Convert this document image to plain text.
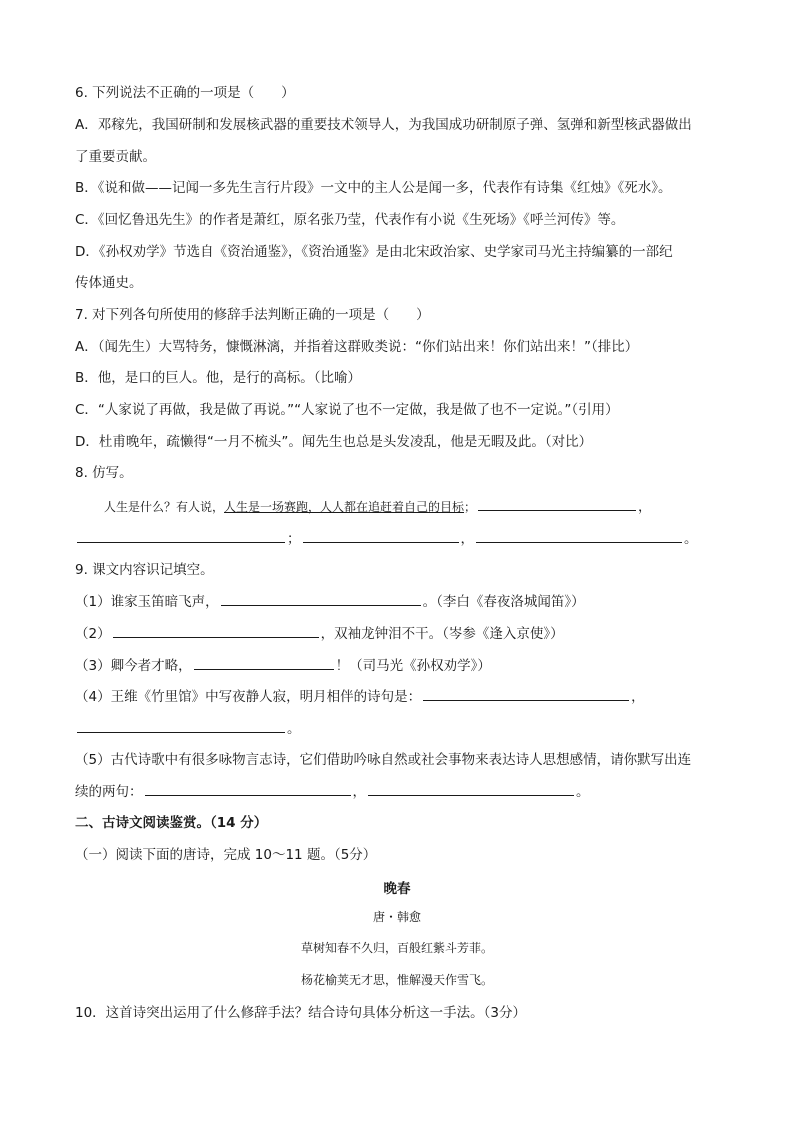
6. 下列说法不正确的一项是（　　）
A．邓稼先，我国研制和发展核武器的重要技术领导人，为我国成功研制原子弹、氢弹和新型核武器做出
了重要贡献。
B．《说和做——记闻一多先生言行片段》一文中的主人公是闻一多，代表作有诗集《红烛》《死水》。
C．《回忆鲁迅先生》的作者是萧红，原名张乃莹，代表作有小说《生死场》《呼兰河传》等。
D．《孙权劝学》节选自《资治通鉴》，《资治通鉴》是由北宋政治家、史学家司马光主持编纂的一部纪
传体通史。
7. 对下列各句所使用的修辞手法判断正确的一项是（　　）
A．（闻先生）大骂特务，慷慨淋漓，并指着这群败类说：“你们站出来！你们站出来！”（排比）
B．他，是口的巨人。他，是行的高标。（比喻）
C．“人家说了再做，我是做了再说。”“人家说了也不一定做，我是做了也不一定说。”（引用）
D．杜甫晚年，疏懒得“一月不梳头”。闻先生也总是头发凌乱，他是无暇及此。（对比）
8. 仿写。
人生是什么？有人说，人生是一场赛跑，人人都在追赶着自己的目标；	，
；	，	。
9. 课文内容识记填空。
（1）谁家玉笛暗飞声，	。（李白《春夜洛城闻笛》）
（2）	，双袖龙钟泪不干。（岑参《逢入京使》）
（3）卿今者才略，	！（司马光《孙权劝学》）
（4）王维《竹里馆》中写夜静人寂，明月相伴的诗句是：	，
。
（5）古代诗歌中有很多咏物言志诗，它们借助吟咏自然或社会事物来表达诗人思想感情，请你默写出连
续的两句：	，	。
二、古诗文阅读鉴赏。（14 分）
（一）阅读下面的唐诗，完成 10～11 题。（5分）
晚春
唐・韩愈
草树知春不久归，百般红紫斗芳菲。
杨花榆荚无才思，惟解漫天作雪飞。
10．这首诗突出运用了什么修辞手法？结合诗句具体分析这一手法。（3分）
